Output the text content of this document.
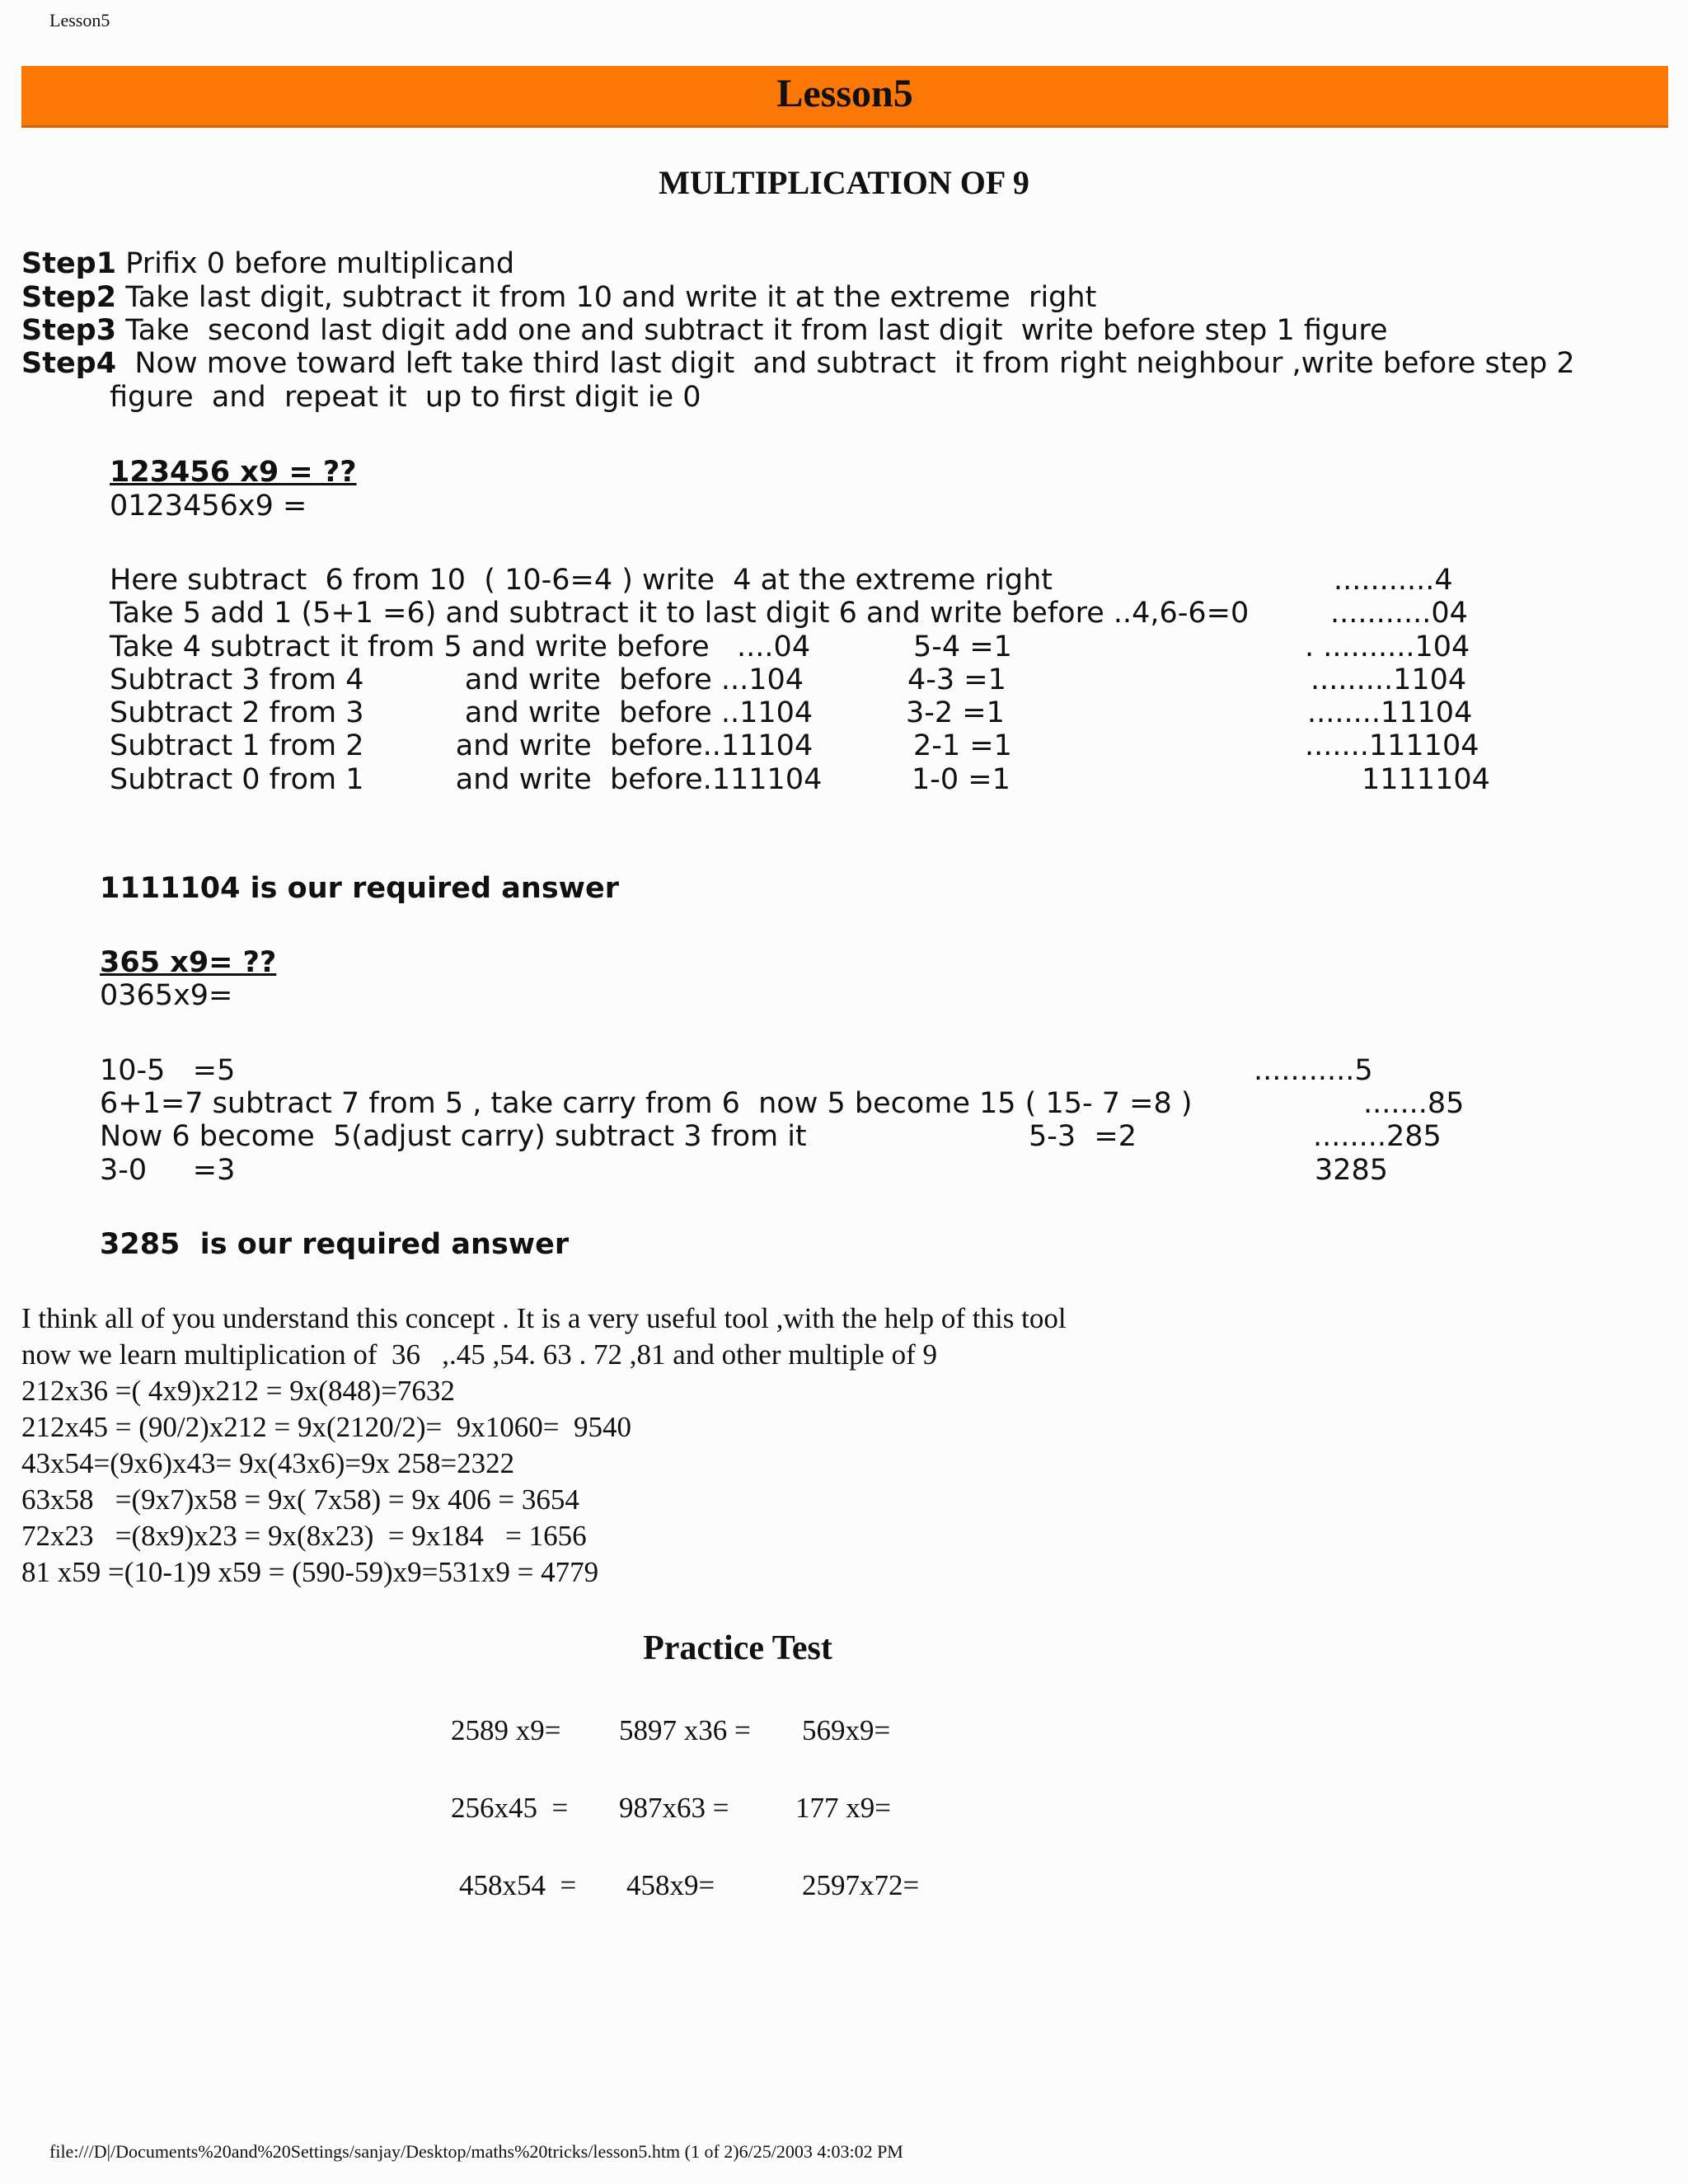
Lesson5
Lesson5
MULTIPLICATION OF 9
Step1 Prifix 0 before multiplicand
Step2 Take last digit, subtract it from 10 and write it at the extreme  right
Step3 Take  second last digit add one and subtract it from last digit  write before step 1 figure
Step4  Now move toward left take third last digit  and subtract  it from right neighbour ,write before step 2
figure  and  repeat it  up to first digit ie 0
123456 x9 = ??
0123456x9 =
Here subtract  6 from 10  ( 10-6=4 ) write  4 at the extreme right	...........4
Take 5 add 1 (5+1 =6) and subtract it to last digit 6 and write before ..4,6-6=0	...........04
Take 4 subtract it from 5 and write before   ....04	5-4 =1	. ..........104
Subtract 3 from 4           and write  before ...104	4-3 =1	.........1104
Subtract 2 from 3           and write  before ..1104	3-2 =1	........11104
Subtract 1 from 2          and write  before..11104	2-1 =1	.......111104
Subtract 0 from 1          and write  before.111104	1-0 =1	1111104
1111104 is our required answer
365 x9= ??
0365x9=
10-5   =5	...........5
6+1=7 subtract 7 from 5 , take carry from 6  now 5 become 15 ( 15- 7 =8 )	.......85
Now 6 become  5(adjust carry) subtract 3 from it	5-3  =2	........285
3-0     =3	3285
3285  is our required answer
I think all of you understand this concept . It is a very useful tool ,with the help of this tool
now we learn multiplication of  36   ,.45 ,54. 63 . 72 ,81 and other multiple of 9
212x36 =( 4x9)x212 = 9x(848)=7632
212x45 = (90/2)x212 = 9x(2120/2)=  9x1060=  9540
43x54=(9x6)x43= 9x(43x6)=9x 258=2322
63x58   =(9x7)x58 = 9x( 7x58) = 9x 406 = 3654
72x23   =(8x9)x23 = 9x(8x23)  = 9x184   = 1656
81 x59 =(10-1)9 x59 = (590-59)x9=531x9 = 4779
Practice Test
2589 x9= 5897 x36 = 569x9=
256x45  = 987x63 = 177 x9=
458x54  = 458x9=	2597x72=
file:///D|/Documents%20and%20Settings/sanjay/Desktop/maths%20tricks/lesson5.htm (1 of 2)6/25/2003 4:03:02 PM
